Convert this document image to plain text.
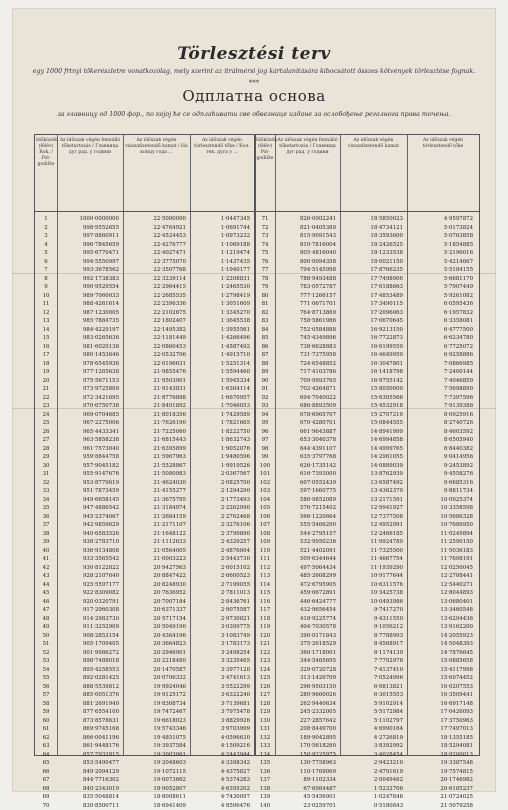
Törlesztési terv
egy 1000 frtnyi tőkerészletre vonatkozólag, mely szerint az ítrálmérsi jog kártalanítására kibocsátott összes kötvények törlesztése fognak.
***
Одплатна основа
за главницу од 1000 фор., по којој ће се одплаћивати све обвезнице издане за ослобођење регалнога права точења.
Időközök (félév) Rok. / Pol- godište
Az időszak végén fennálló tőketartozás / Главница дуг рад. у години
Az időszak végén visszafizetendő kamat / На концу года ...
Az időszak végén törlesztendő tőke / Кол. тек. дуга у ...
Időközök (félév) Pol- godište
Az időszak végén fennálló tőketartozás / Главница дуг рад. у години
Az időszak végén visszafizetendő kamat
Az időszak végén törlesztendő tőke
1
2
3
4
5
6
7
8
9
10
11
12
13
14
15
16
17
18
19
20
21
22
23
24
25
26
27
28
29
30
31
32
33
34
35
36
37
38
39
40
41
42
43
44
45
46
47
48
49
50
51
52
53
54
55
56
57
58
59
60
61
62
63
64
65
66
67
68
69
70
1000·0000000
998·9552655
997·8860911
996·7845659
995·6770471
994·5550997
993·3678562
992·1738383
990·9529554
989·7060033
988·4261614
987·1230005
985·7884735
984·4229197
983·0265636
981·6020138
980·1453646
978·6545936
977·1265638
975·5671153
973·9725809
972·3421695
970·6750738
969·0704685
967·2275006
965·4433341
963·5858238
961·7573040
959·8844758
957·9045182
955·9147676
953·8779619
951·7873459
949·6658145
947·4886542
945·2374067
942·9859629
940·6583526
938·2783710
936·9134808
933·3565542
930·8122822
928·2107640
925·5597177
922·8309082
920·0320791
917·2060308
914·2983730
911·3252909
908·2853154
905·1709405
901·9986272
898·7488018
895·4258553
892·0281425
888·5539812
885·0051376
881·2691940
877·6554100
873·8578631
869·9745168
866·0041196
861·9448176
857·7932815
853·5490477
849·2094129
844·7716302
840·2343019
835·5048814
830·8500711
22·5000000
22·4764921
22·4524453
22·4276777
22·4027471
22·3775070
22·3507768
22·3239114
22·2964415
22·2685535
22·2396336
22·2102675
22·1802407
22·1495382
22·1181449
22·0860453
22·0532706
22·0196631
21·9855476
21·9503901
21·9143831
21·8776898
21·8401892
21·8018356
21·7626190
21·7225060
21·6815443
21·6395899
21·5967963
21·5528867
21·5080983
21·4624030
21·4155277
21·3675795
21·3184974
21·2684159
21·2171107
21·1648122
21·1112633
21·0564005
21·0003223
20·9427563
20·8847422
20·8248930
20·7636952
20·7007184
20·6371337
20·5717154
20·5049190
20·4364196
20·3664823
20·2946901
20·2218480
20·1470587
20·0706332
19·9924046
19·9125172
19·8308734
19·7472467
19·6618023
19·5743346
19·4851075
19·3937584
19·3003061
19·2048603
19·1072115
19·0073662
18·9052807
18·8008611
18·6941409
1·0447345
1·0691744
1·0973232
1·1069188
1·1219474
1·1437435
1·1940177
1·2208831
1·2465530
1·2798419
1·3051609
1·3345270
1·3645538
1·3955561
1·4266496
1·4587492
1·4915710
1·5251314
1·5594460
1·5945334
1·6304114
1·6670957
1·7046053
1·7429589
1·7821665
1·8222750
1·8632743
1·9052076
1·9480596
1·9919526
2·0367567
2·0825700
2·1294290
2·1773493
2·2262990
2·2762468
2·3276106
2·3799890
2·4329257
2·4876004
2·5443730
2·6015102
2·6600523
2·7199055
2·7811013
2·8436761
2·9075587
2·9730821
3·0399775
3·1083749
3·1783173
3·2498254
3·3235465
3·3977120
3·4741613
3·5522299
3·6322240
3·7139681
3·7975478
3·8829926
3·9703999
4·0596630
4·1509216
4·2443944
4·3398342
4·4375827
4·5374283
4·6395202
4·7430097
4·8506476
71
72
73
74
75
76
77
78
79
80
81
82
83
84
85
86
87
88
89
90
91
92
93
94
95
96
97
98
99
100
101
102
103
104
105
106
107
108
109
110
111
112
113
114
115
116
117
118
119
120
121
122
123
124
125
126
127
128
129
130
131
132
133
134
135
136
137
138
139
140
826·0002241
821·0405389
815·9091543
810·7816004
805·4816040
800·0094358
794·5145998
788·9493488
783·0572787
777·1266157
771·0671701
764·8713869
758·5861986
752·0584888
745·4349896
738·6628883
731·7375958
724·6548852
717·4103786
709·9993765
702·4264871
694·7040022
686·8893509
678·6965707
670·4280701
661·9643887
653·3040378
644·4391107
635·3797768
626·1735142
616·7393000
607·0552439
597·1660775
586·9852089
576·7215402
566·1220664
555·5466290
544·2795157
532·9950236
521·4402091
509·6344644
497·5064434
485·2608299
472·6795905
459·6672891
446·6424777
432·9656454
418·9225774
404·7030578
390·0171843
375·2618529
360·1718001
344·5465695
329·0720728
313·1426709
296·9503150
280·9660026
262·9440634
245·2332005
227·2857642
208·8449700
189·9042895
170·5618260
150·9225975
130·7758963
110·1769069
89·1102334
67·6984487
45·5456901
23·0259701
18·5850023
18·4734121
18·3593600
18·2426525
18·1233538
18·0021150
17·8766235
17·7498906
17·6188663
17·4853489
17·3490115
17·2096063
17·0670645
16·9213150
16·7722873
16·6199559
16·4649959
16·3047801
16·1418798
16·9755142
15·8050009
15·6305566
15·4532918
15·2707219
15·0844555
14·8941999
14·6994858
14·4999765
14·2961055
14·0889039
13·8762939
13·6587492
13·4362379
13·2171591
12·9941927
12·7377508
12·4952991
12·2466185
11·9924789
11·7325500
11·4667754
11·1939290
10·9177644
10·6311576
10·3425738
10·0493986
9·7417270
9·4311550
9·1056212
8·7788993
8·4568917
8·1174139
7·7702978
7·4137410
7·0524996
6·6813821
6·3015553
5·9102914
5·5172984
5·1102797
4·6990164
4·2726819
3·8392992
3·4028454
2·9423210
2·4791619
2·0049462
1·5232706
1·0247846
0·5180843
4·9597872
5·0173824
5·0763858
5·1854885
5·2196016
5·4214667
5·5184155
5·6681170
5·7907449
5·9261082
6·0595436
6·1957832
6·3358081
6·4777500
6·6234780
6·7725072
6·9258886
7·0866985
7·2400144
7·4046859
7·5698890
7·7397596
7·9139388
8·0925916
8·2740726
8·4603592
8·6505940
8·8440382
9·0414956
9·2453892
9·4558276
9·6685316
9·8811734
10·0925374
10·3358598
10·5686328
10·7686950
11·0249894
11·2590150
11·5036183
11·7698191
12·0256045
12·2708441
12·5440271
12·8044893
13·0680401
13·3460548
13·6294436
13·9162200
14·2055923
14·5048393
14·7876645
15·0885658
15·4117998
15·6974452
16·0207553
16·3509441
16·6917148
17·0426093
17·3750963
17·7497013
18·1355185
18·5294081
18·9200013
19·3387548
19·7574815
20·1746982
20·6185237
21·0724025
21·5079258
